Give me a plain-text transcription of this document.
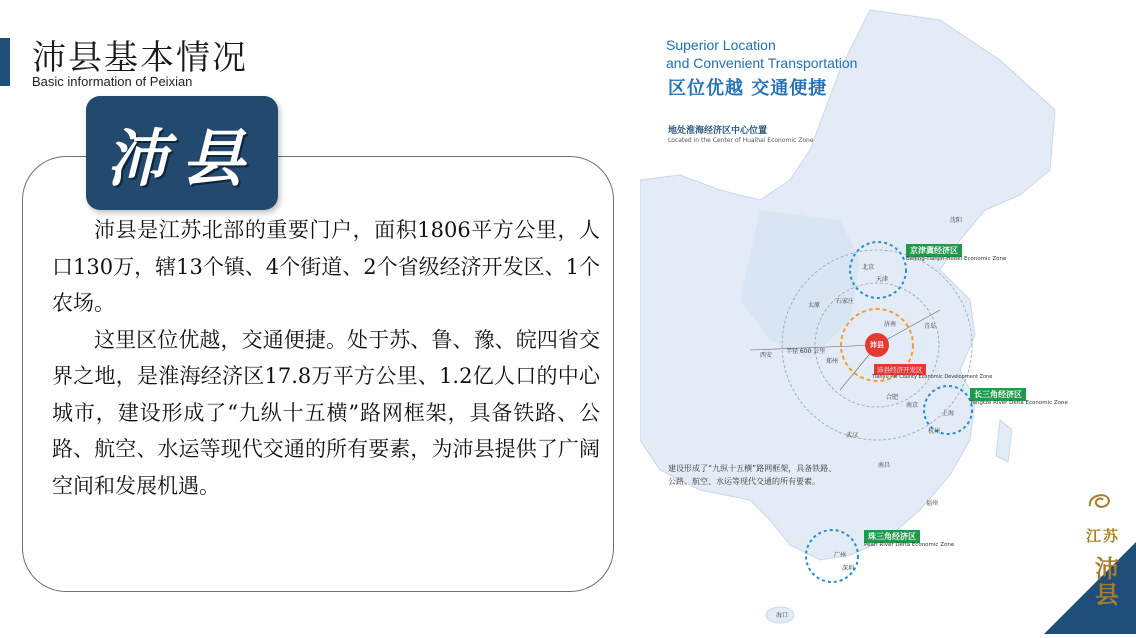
沛县基本情况
Basic information of Peixian

沛县是江苏北部的重要门户，面积1806平方公里，人口130万，辖13个镇、4个街道、2个省级经济开发区、1个农场。

这里区位优越，交通便捷。处于苏、鲁、豫、皖四省交界之地，是淮海经济区17.8万平方公里、1.2亿人口的中心城市，建设形成了“九纵十五横”路网框架，具备铁路、公路、航空、水运等现代交通的所有要素，为沛县提供了广阔空间和发展机遇。

沛县
Superior Location
and Convenient Transportation
区位优越 交通便捷
地处淮海经济区中心位置
Located in the Center of Huaihai Economic Zone
京津冀经济区
Beijing-Tianjin-Hebei Economic Zone
长三角经济区
Yangtze River Delta Economic Zone
珠三角经济区
Pearl River Delta Economic Zone
沛县
沛县经济开发区
Tianyu Pei County Economic Development Zone
半径 600 公里
沈阳
北京
天津
石家庄
济南	青岛
太原
郑州
西安
合肥
南京
上海
杭州
武汉
南昌
福州
广州
深圳
海口
建设形成了“九纵十五横”路网框架，具备铁路、公路、航空、水运等现代交通的所有要素。
江苏
沛县
